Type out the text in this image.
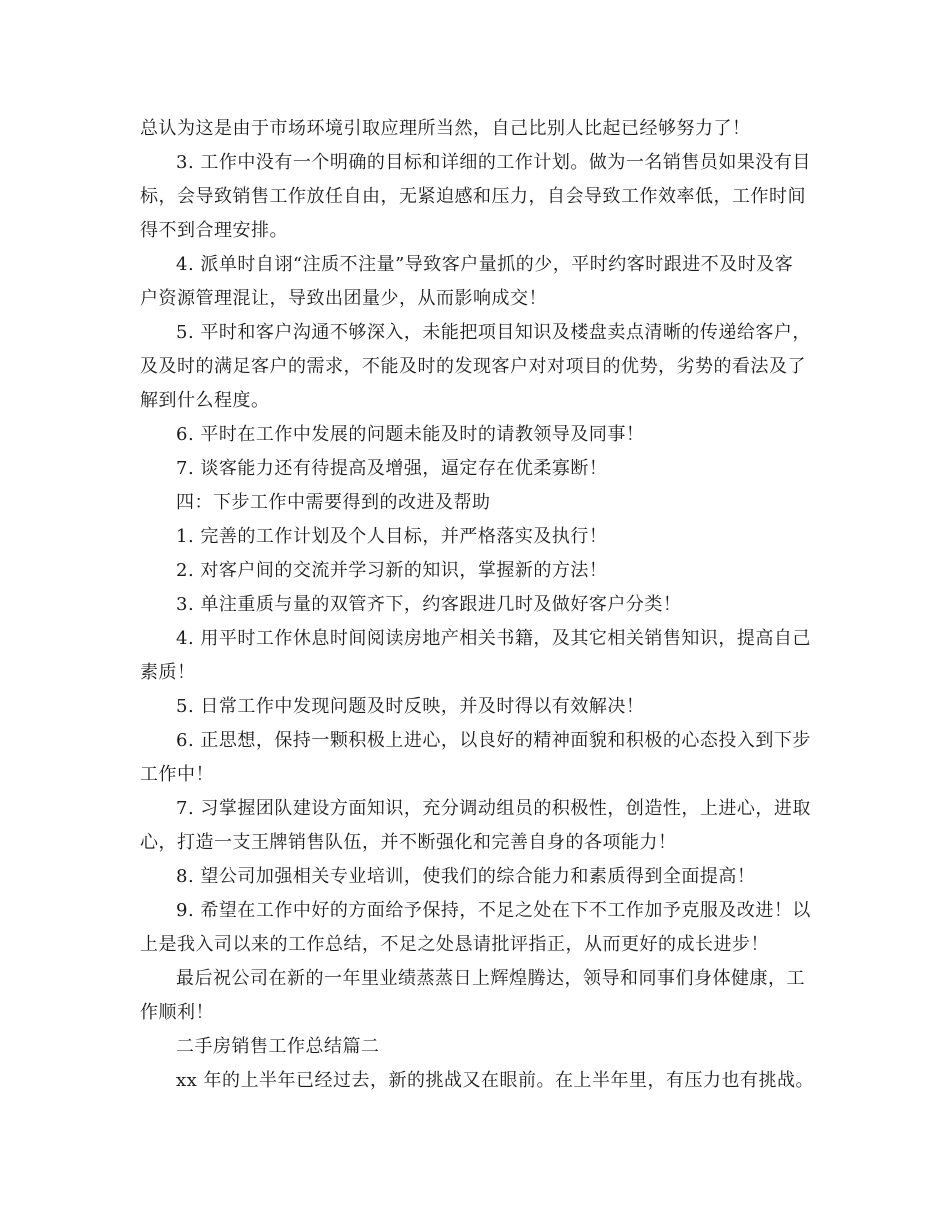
总认为这是由于市场环境引取应理所当然，自己比别人比起已经够努力了！
3. 工作中没有一个明确的目标和详细的工作计划。做为一名销售员如果没有目
标，会导致销售工作放任自由，无紧迫感和压力，自会导致工作效率低，工作时间
得不到合理安排。
4. 派单时自诩“注质不注量”导致客户量抓的少，平时约客时跟进不及时及客
户资源管理混让，导致出团量少，从而影响成交！
5. 平时和客户沟通不够深入，未能把项目知识及楼盘卖点清晰的传递给客户，
及及时的满足客户的需求，不能及时的发现客户对对项目的优势，劣势的看法及了
解到什么程度。
6. 平时在工作中发展的问题未能及时的请教领导及同事！
7. 谈客能力还有待提高及增强，逼定存在优柔寡断！
四：下步工作中需要得到的改进及帮助
1. 完善的工作计划及个人目标，并严格落实及执行！
2. 对客户间的交流并学习新的知识，掌握新的方法！
3. 单注重质与量的双管齐下，约客跟进几时及做好客户分类！
4. 用平时工作休息时间阅读房地产相关书籍，及其它相关销售知识，提高自己
素质！
5. 日常工作中发现问题及时反映，并及时得以有效解决！
6. 正思想，保持一颗积极上进心，以良好的精神面貌和积极的心态投入到下步
工作中！
7. 习掌握团队建设方面知识，充分调动组员的积极性，创造性，上进心，进取
心，打造一支王牌销售队伍，并不断强化和完善自身的各项能力！
8. 望公司加强相关专业培训，使我们的综合能力和素质得到全面提高！
9. 希望在工作中好的方面给予保持，不足之处在下不工作加予克服及改进！以
上是我入司以来的工作总结，不足之处恳请批评指正，从而更好的成长进步！
最后祝公司在新的一年里业绩蒸蒸日上辉煌腾达，领导和同事们身体健康，工
作顺利！
二手房销售工作总结篇二
xx 年的上半年已经过去，新的挑战又在眼前。在上半年里，有压力也有挑战。
